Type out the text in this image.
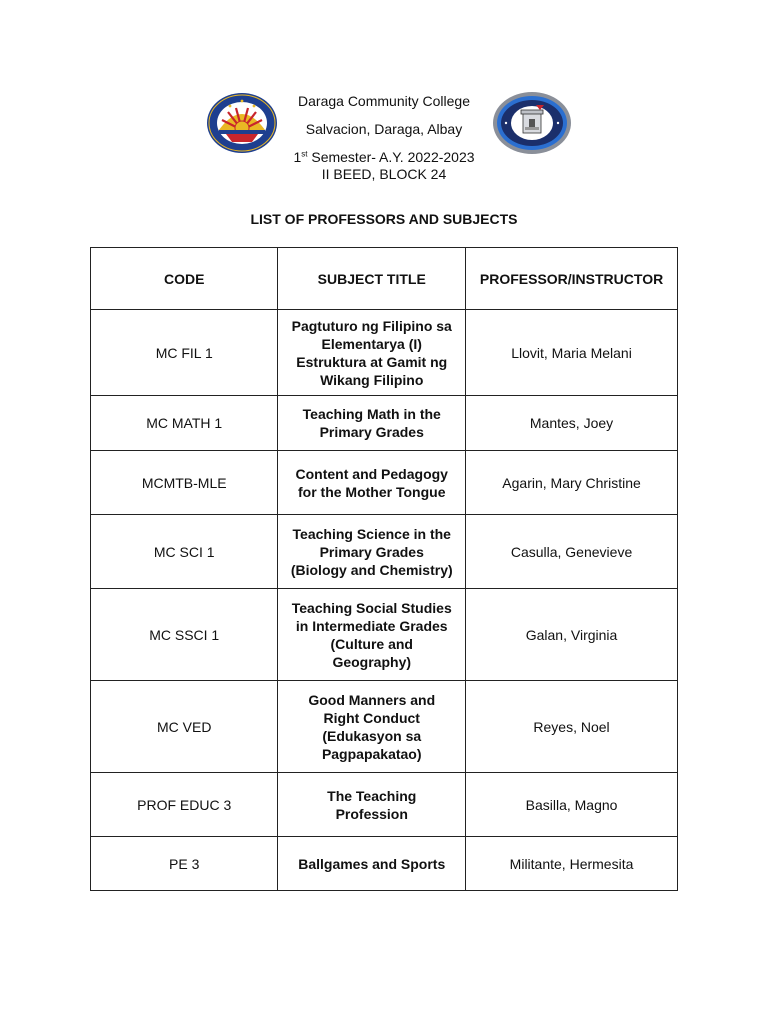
Daraga Community College
Salvacion, Daraga, Albay
1st Semester- A.Y. 2022-2023
II BEED, BLOCK 24
LIST OF PROFESSORS AND SUBJECTS
CODE	SUBJECT TITLE	PROFESSOR/INSTRUCTOR
MC FIL 1	Pagtuturo ng Filipino sa
Elementarya (I)
Estruktura at Gamit ng
Wikang Filipino	Llovit, Maria Melani
MC MATH 1	Teaching Math in the
Primary Grades	Mantes, Joey
MCMTB-MLE	Content and Pedagogy
for the Mother Tongue	Agarin, Mary Christine
MC SCI 1	Teaching Science in the
Primary Grades
(Biology and Chemistry)	Casulla, Genevieve
MC SSCI 1	Teaching Social Studies
in Intermediate Grades
(Culture and
Geography)	Galan, Virginia
MC VED	Good Manners and
Right Conduct
(Edukasyon sa
Pagpapakatao)	Reyes, Noel
PROF EDUC 3	The Teaching
Profession	Basilla, Magno
PE 3	Ballgames and Sports	Militante, Hermesita
